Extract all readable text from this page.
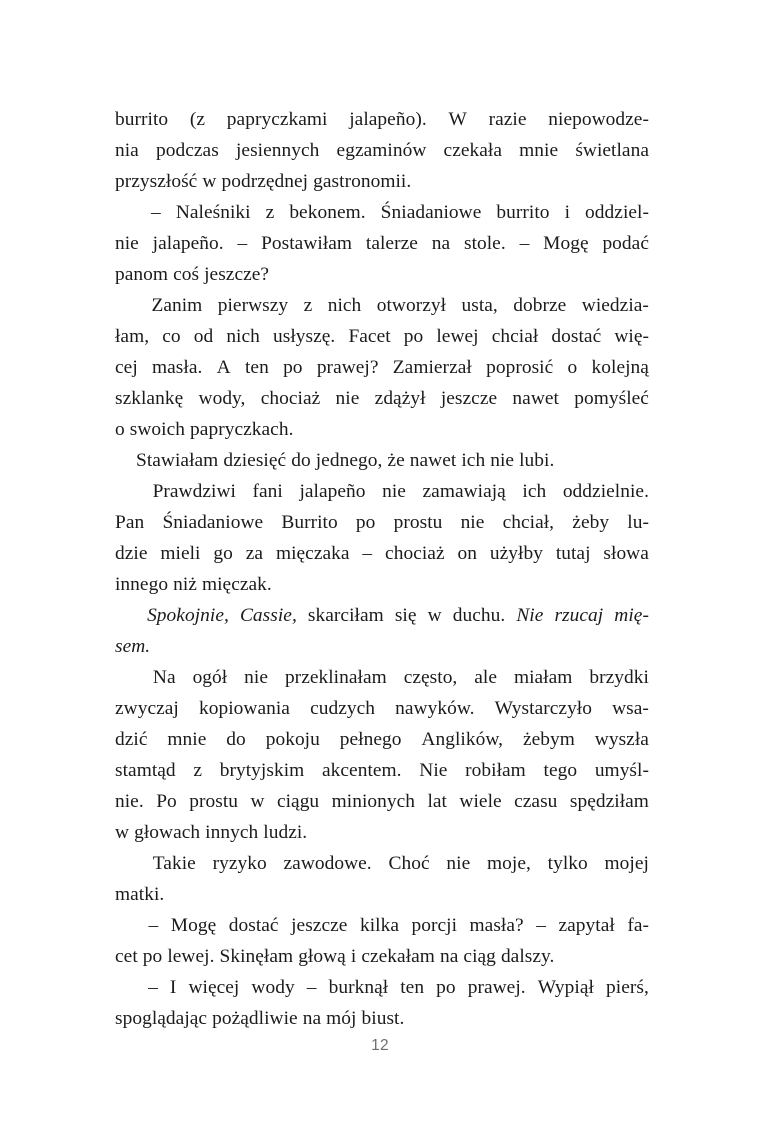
burrito (z papryczkami jalapeño). W razie niepowodze-
nia podczas jesiennych egzaminów czekała mnie świetlana
przyszłość w podrzędnej gastronomii.
– Naleśniki z bekonem. Śniadaniowe burrito i oddziel-
nie jalapeño. – Postawiłam talerze na stole. – Mogę podać
panom coś jeszcze?
Zanim pierwszy z nich otworzył usta, dobrze wiedzia-
łam, co od nich usłyszę. Facet po lewej chciał dostać wię-
cej masła. A ten po prawej? Zamierzał poprosić o kolejną
szklankę wody, chociaż nie zdążył jeszcze nawet pomyśleć
o swoich papryczkach.
Stawiałam dziesięć do jednego, że nawet ich nie lubi.
Prawdziwi fani jalapeño nie zamawiają ich oddzielnie.
Pan Śniadaniowe Burrito po prostu nie chciał, żeby lu-
dzie mieli go za mięczaka – chociaż on użyłby tutaj słowa
innego niż mięczak.
Spokojnie, Cassie, skarciłam się w duchu. Nie rzucaj mię-
sem.
Na ogół nie przeklinałam często, ale miałam brzydki
zwyczaj kopiowania cudzych nawyków. Wystarczyło wsa-
dzić mnie do pokoju pełnego Anglików, żebym wyszła
stamtąd z brytyjskim akcentem. Nie robiłam tego umyśl-
nie. Po prostu w ciągu minionych lat wiele czasu spędziłam
w głowach innych ludzi.
Takie ryzyko zawodowe. Choć nie moje, tylko mojej
matki.
– Mogę dostać jeszcze kilka porcji masła? – zapytał fa-
cet po lewej. Skinęłam głową i czekałam na ciąg dalszy.
– I więcej wody – burknął ten po prawej. Wypiął pierś,
spoglądając pożądliwie na mój biust.
12
